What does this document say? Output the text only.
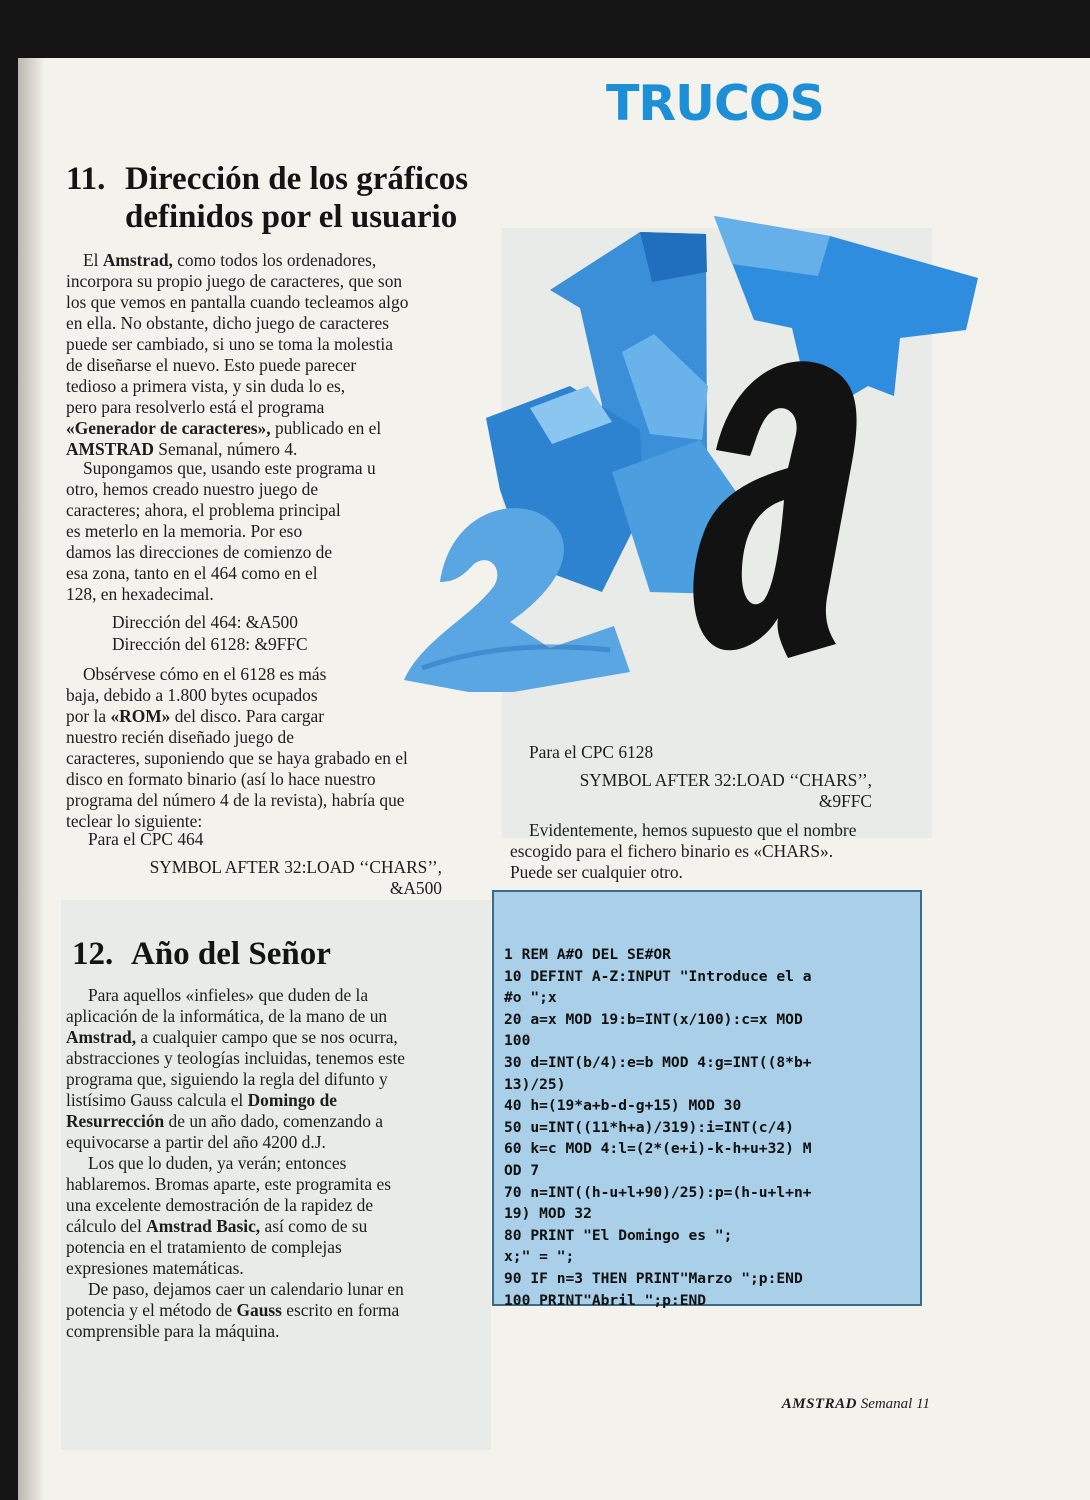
11. Dirección de los gráficos
definidos por el usuario

El Amstrad, como todos los ordenadores,
incorpora su propio juego de caracteres, que son
los que vemos en pantalla cuando tecleamos algo
en ella. No obstante, dicho juego de caracteres
puede ser cambiado, si uno se toma la molestia
de diseñarse el nuevo. Esto puede parecer
tedioso a primera vista, y sin duda lo es,
pero para resolverlo está el programa
«Generador de caracteres», publicado en el
AMSTRAD Semanal, número 4.

Supongamos que, usando este programa u
otro, hemos creado nuestro juego de
caracteres; ahora, el problema principal
es meterlo en la memoria. Por eso
damos las direcciones de comienzo de
esa zona, tanto en el 464 como en el
128, en hexadecimal.

Dirección del 464: &A500

Dirección del 6128: &9FFC

Obsérvese cómo en el 6128 es más
baja, debido a 1.800 bytes ocupados
por la «ROM» del disco. Para cargar
nuestro recién diseñado juego de
caracteres, suponiendo que se haya grabado en el
disco en formato binario (así lo hace nuestro
programa del número 4 de la revista), habría que
teclear lo siguiente:

Para el CPC 464

SYMBOL AFTER 32:LOAD ‘‘CHARS’’,
&A500

TRUCOS

Para el CPC 6128

SYMBOL AFTER 32:LOAD ‘‘CHARS’’,
&9FFC

Evidentemente, hemos supuesto que el nombre
escogido para el fichero binario es «CHARS».
Puede ser cualquier otro.

12. Año del Señor

Para aquellos «infieles» que duden de la
aplicación de la informática, de la mano de un
Amstrad, a cualquier campo que se nos ocurra,
abstracciones y teologías incluidas, tenemos este
programa que, siguiendo la regla del difunto y
listísimo Gauss calcula el Domingo de
Resurrección de un año dado, comenzando a
equivocarse a partir del año 4200 d.J.

Los que lo duden, ya verán; entonces
hablaremos. Bromas aparte, este programita es
una excelente demostración de la rapidez de
cálculo del Amstrad Basic, así como de su
potencia en el tratamiento de complejas
expresiones matemáticas.

De paso, dejamos caer un calendario lunar en
potencia y el método de Gauss escrito en forma
comprensible para la máquina.

1 REM A#O DEL SE#OR

10 DEFINT A-Z:INPUT "Introduce el a

#o ";x

20 a=x MOD 19:b=INT(x/100):c=x MOD

100

30 d=INT(b/4):e=b MOD 4:g=INT((8*b+

13)/25)

40 h=(19*a+b-d-g+15) MOD 30

50 u=INT((11*h+a)/319):i=INT(c/4)

60 k=c MOD 4:l=(2*(e+i)-k-h+u+32) M

OD 7

70 n=INT((h-u+l+90)/25):p=(h-u+l+n+

19) MOD 32

80 PRINT "El Domingo es ";

x;" = ";

90 IF n=3 THEN PRINT"Marzo ";p:END

100 PRINT"Abril ";p:END

AMSTRAD Semanal 11
